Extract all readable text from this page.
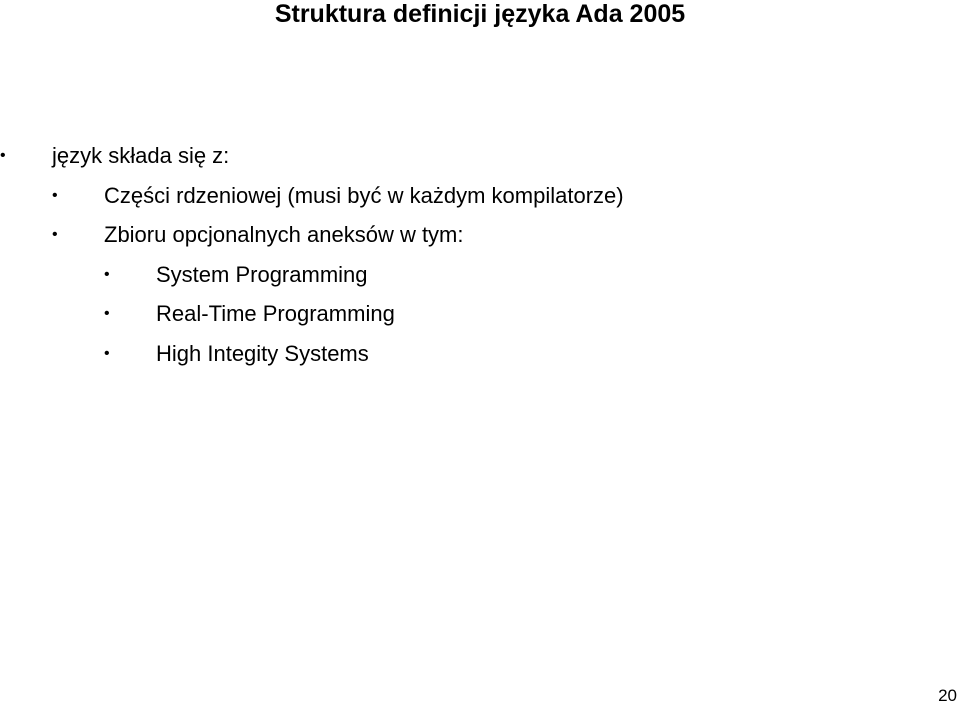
Struktura definicji języka Ada 2005
• język składa się z:
• Części rdzeniowej (musi być w każdym kompilatorze)
• Zbioru opcjonalnych aneksów w tym:
• System Programming
• Real-Time Programming
• High Integity Systems
20
